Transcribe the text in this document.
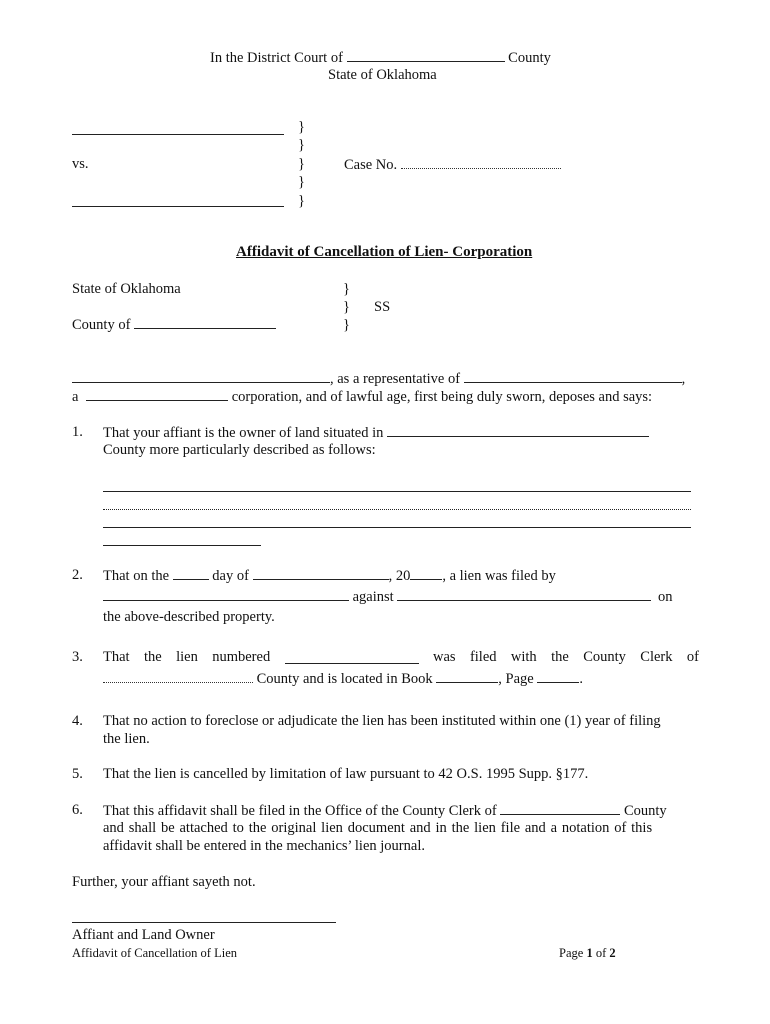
In the District Court of	County
State of Oklahoma
vs.
}
}
}
}
}
Case No.
Affidavit of Cancellation of Lien- Corporation
State of Oklahoma
County of
}
}
}
SS
, as a representative of	,
a	corporation, and of lawful age, first being duly sworn, deposes and says:
1. That your affiant is the owner of land situated in
County more particularly described as follows:
2. That on the	day of	, 20 , a lien was filed by
against	on
the above-described property.
3. That the lien numbered	was filed with the County Clerk of
County and is located in Book	, Page	.
4. That no action to foreclose or adjudicate the lien has been instituted within one (1) year of filing
the lien.
5. That the lien is cancelled by limitation of law pursuant to 42 O.S. 1995 Supp. §177.
6. That this affidavit shall be filed in the Office of the County Clerk of	County
and shall be attached to the original lien document and in the lien file and a notation of this
affidavit shall be entered in the mechanics’ lien journal.
Further, your affiant sayeth not.
Affiant and Land Owner
Affidavit of Cancellation of Lien	Page 1 of 2
